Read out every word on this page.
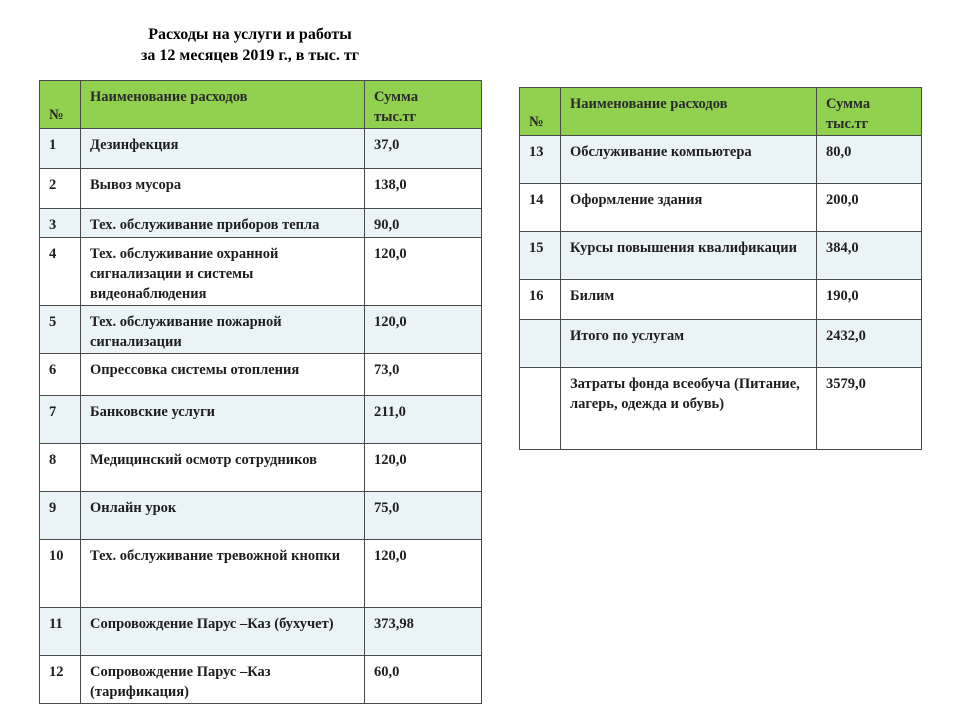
Расходы на услуги и работы
за 12 месяцев 2019 г., в тыс. тг
№	Наименование расходов	Сумма
тыс.тг

1	Дезинфекция	37,0
2	Вывоз мусора	138,0
3	Тех. обслуживание приборов тепла	90,0
4	Тех. обслуживание охранной сигнализации и системы видеонаблюдения	120,0
5	Тех. обслуживание пожарной сигнализации	120,0
6	Опрессовка системы отопления	73,0
7	Банковские услуги	211,0
8	Медицинский осмотр сотрудников	120,0
9	Онлайн урок	75,0
10	Тех. обслуживание тревожной кнопки	120,0
11	Сопровождение Парус –Каз (бухучет)	373,98
12	Сопровождение Парус –Каз (тарификация)	60,0
№	Наименование расходов	Сумма
тыс.тг

13	Обслуживание компьютера	80,0
14	Оформление здания	200,0
15	Курсы повышения квалификации	384,0
16	Билим	190,0
	Итого по услугам	2432,0
	Затраты фонда всеобуча (Питание, лагерь, одежда и обувь)	3579,0
